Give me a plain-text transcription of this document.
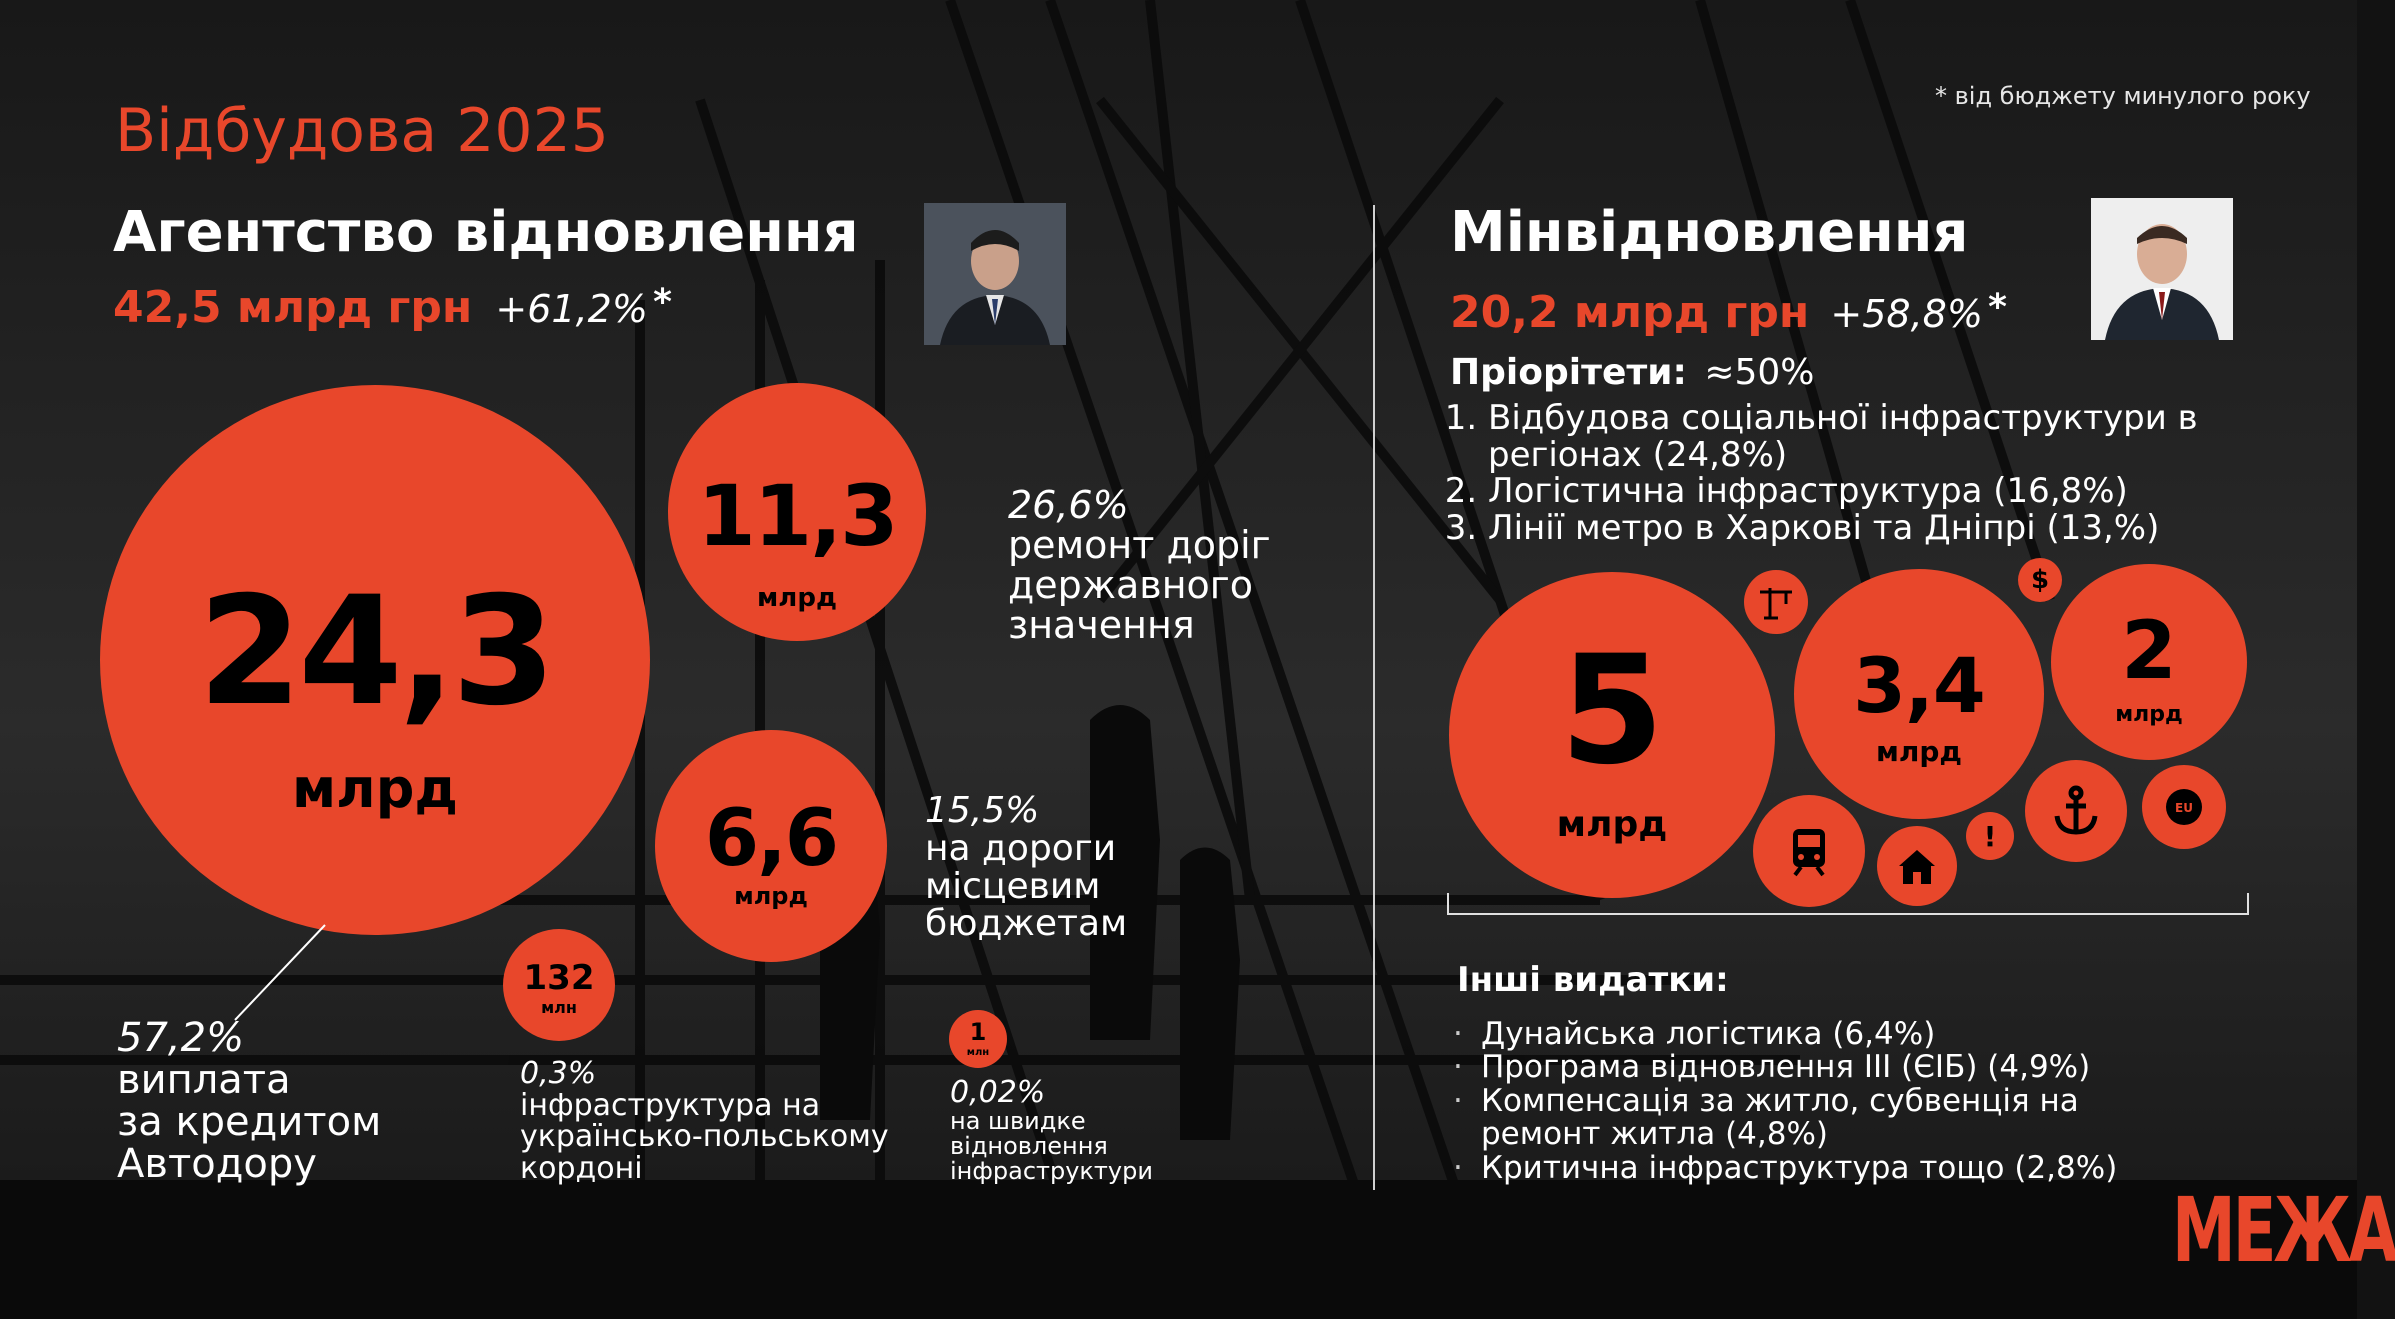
Відбудова 2025	* від бюджету минулого року
Агентство відновлення
42,5 млрд грн +61,2% *
24,3
млрд
57,2%
виплата
за кредитом
Автодору
11,3
млрд
26,6%
ремонт доріг
державного
значення
6,6
млрд
15,5%
на дороги
місцевим
бюджетам
132
млн
0,3%
інфраструктура на
українсько-польському
кордоні
1
млн
0,02%
на швидке
відновлення
інфраструктури
Мінвідновлення
20,2 млрд грн +58,8% *
Пріорітети: ≈50%
1. Відбудова соціальної інфраструктури в регіонах (24,8%)
2. Логістична інфраструктура (16,8%)
3. Лінії метро в Харкові та Дніпрі (13,%)
5
млрд
3,4
млрд
2
млрд
$
!
EU
Інші видатки:
· Дунайська логістика (6,4%)
· Програма відновлення III (ЄІБ) (4,9%)
· Компенсація за житло, субвенція на ремонт житла (4,8%)
· Критична інфраструктура тощо (2,8%)
МЕЖА
